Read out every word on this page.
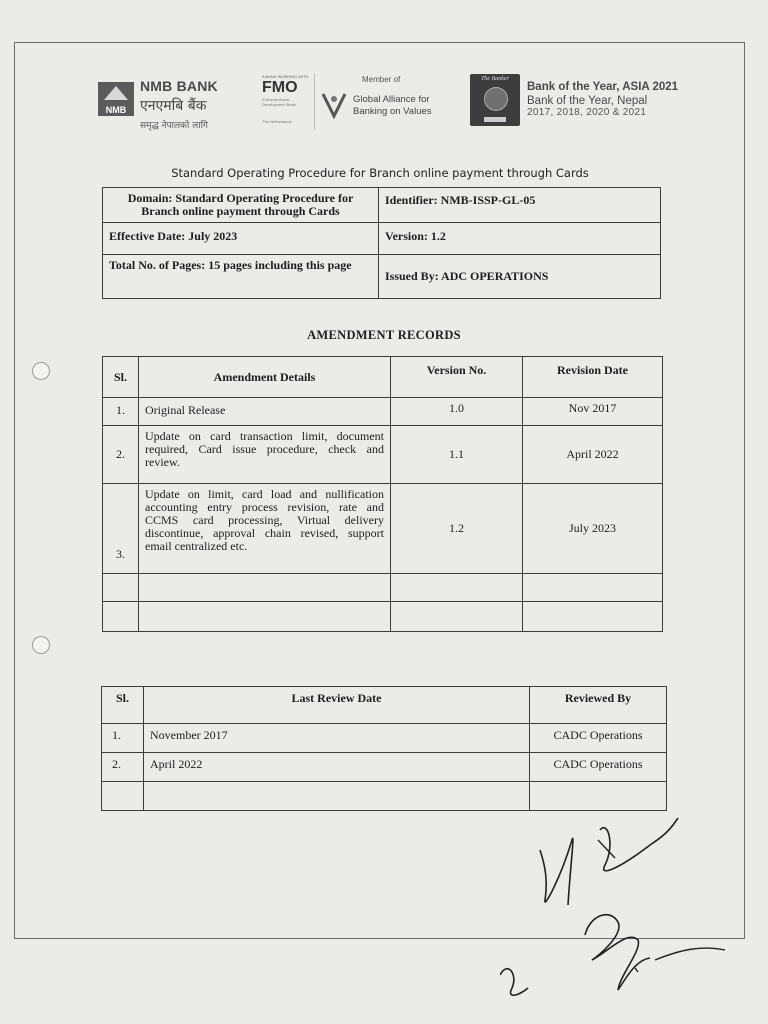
NMB
NMB BANK
एनएमबि बैंक
समृद्ध नेपालको लागि
A BANK WORKING WITH
FMO
Entrepreneurial Development Bank
The Netherlands
Member of
Global Alliance for
Banking on Values
The Banker
Bank of the Year, ASIA 2021
Bank of the Year, Nepal
2017, 2018, 2020 & 2021
Standard Operating Procedure for Branch online payment through Cards
Domain: Standard Operating Procedure for
Branch online payment through Cards	Identifier: NMB-ISSP-GL-05
Effective Date: July 2023	Version: 1.2
Total No. of Pages: 15 pages including this page	Issued By: ADC OPERATIONS
AMENDMENT RECORDS
Sl.	Amendment Details	Version No.	Revision Date
1.	Original Release	1.0	Nov 2017
2.	Update on card transaction limit, document required, Card issue procedure, check and review.	1.1	April 2022
3.	Update on limit, card load and nullification accounting entry process revision, rate and CCMS card processing, Virtual delivery discontinue, approval chain revised, support email centralized etc.	1.2	July 2023

Sl.	Last Review Date	Reviewed By
1.	November 2017	CADC Operations
2.	April 2022	CADC Operations
